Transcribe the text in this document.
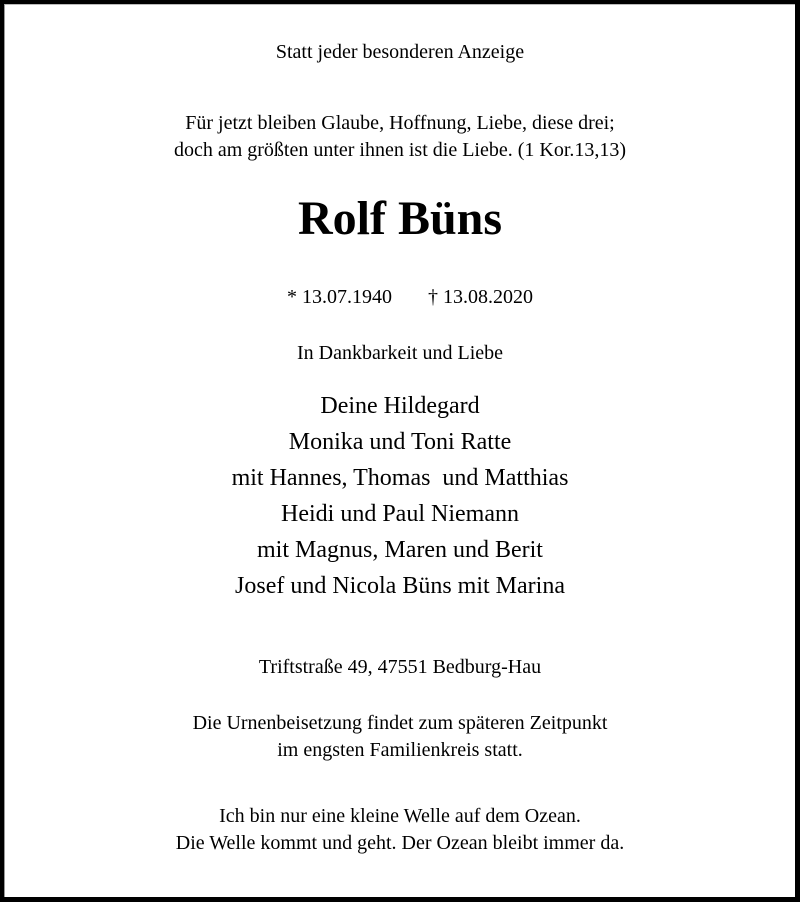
Statt jeder besonderen Anzeige
Für jetzt bleiben Glaube, Hoffnung, Liebe, diese drei;
doch am größten unter ihnen ist die Liebe. (1 Kor.13,13)
Rolf Büns

* 13.07.1940 † 13.08.2020

In Dankbarkeit und Liebe
Deine Hildegard
Monika und Toni Ratte
mit Hannes, Thomas  und Matthias
Heidi und Paul Niemann
mit Magnus, Maren und Berit
Josef und Nicola Büns mit Marina
Triftstraße 49, 47551 Bedburg-Hau
Die Urnenbeisetzung findet zum späteren Zeitpunkt
im engsten Familienkreis statt.
Ich bin nur eine kleine Welle auf dem Ozean.
Die Welle kommt und geht. Der Ozean bleibt immer da.
